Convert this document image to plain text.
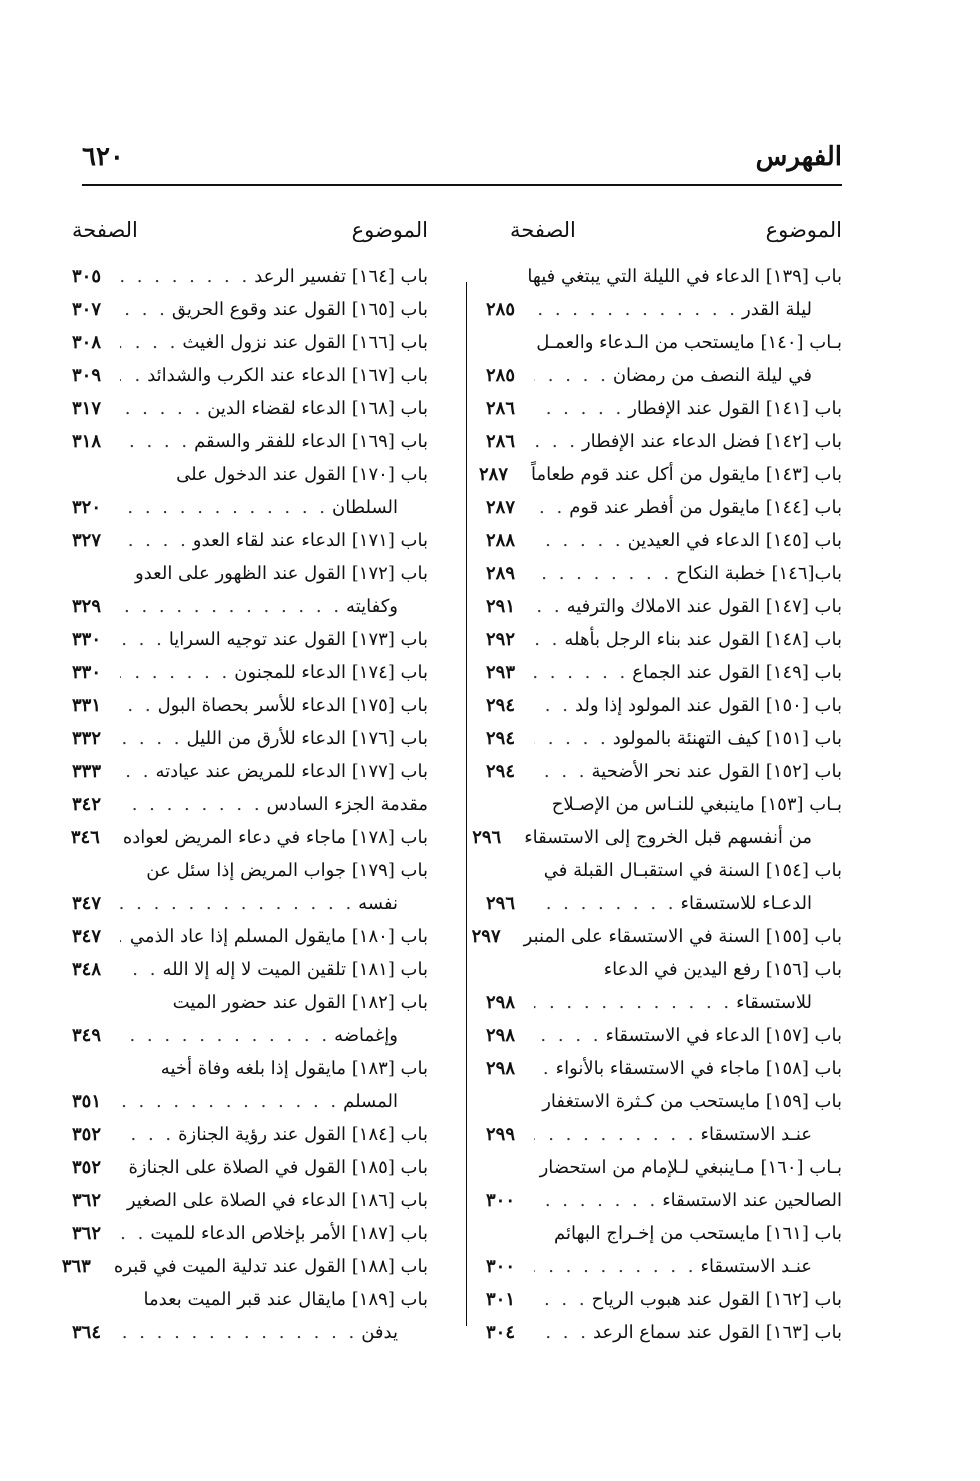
٦٢٠	الفهرس
الموضوع
الصفحة
باب [١٣٩] الدعاء في الليلة التي يبتغي فيها
ليلة القدر
. . .
٢٨٥
بـاب [١٤٠] مايستحب من الـدعاء والعمـل
في ليلة النصف من رمضان
. . .
٢٨٥
باب [١٤١] القول عند الإفطار
. . .
٢٨٦
باب [١٤٢] فضل الدعاء عند الإفطار
. . .
٢٨٦
باب [١٤٣] مايقول من أكل عند قوم طعاماً
٢٨٧
باب [١٤٤] مايقول من أفطر عند قوم
. . .
٢٨٧
باب [١٤٥] الدعاء في العيدين
. . .
٢٨٨
باب[١٤٦] خطبة النكاح
. . .
٢٨٩
باب [١٤٧] القول عند الاملاك والترفيه
. . .
٢٩١
باب [١٤٨] القول عند بناء الرجل بأهله
. . .
٢٩٢
باب [١٤٩] القول عند الجماع
. . .
٢٩٣
باب [١٥٠] القول عند المولود إذا ولد
. . .
٢٩٤
باب [١٥١] كيف التهنئة بالمولود
. . .
٢٩٤
باب [١٥٢] القول عند نحر الأضحية
. . .
٢٩٤
بـاب [١٥٣] ماينبغي للنـاس من الإصـلاح
من أنفسهم قبل الخروج إلى الاستسقاء
٢٩٦
باب [١٥٤] السنة في استقبـال القبلة في
الدعـاء للاستسقاء
. . .
٢٩٦
باب [١٥٥] السنة في الاستسقاء على المنبر
٢٩٧
باب [١٥٦] رفع اليدين في الدعاء
للاستسقاء
. . .
٢٩٨
باب [١٥٧] الدعاء في الاستسقاء
. . .
٢٩٨
باب [١٥٨] ماجاء في الاستسقاء بالأنواء
. . .
٢٩٨
باب [١٥٩] مايستحب من كـثرة الاستغفار
عنـد الاستسقاء
. . .
٢٩٩
بـاب [١٦٠] مـاينبغي لـلإمام من استحضار
الصالحين عند الاستسقاء
. . .
٣٠٠
باب [١٦١] مايستحب من إخـراج البهائم
عنـد الاستسقاء
. . .
٣٠٠
باب [١٦٢] القول عند هبوب الرياح
. . .
٣٠١
باب [١٦٣] القول عند سماع الرعد
. . .
٣٠٤
الموضوع
الصفحة
باب [١٦٤] تفسير الرعد
. . .
٣٠٥
باب [١٦٥] القول عند وقوع الحريق
. . .
٣٠٧
باب [١٦٦] القول عند نزول الغيث
. . .
٣٠٨
باب [١٦٧] الدعاء عند الكرب والشدائد
. . .
٣٠٩
باب [١٦٨] الدعاء لقضاء الدين
. . .
٣١٧
باب [١٦٩] الدعاء للفقر والسقم
. . .
٣١٨
باب [١٧٠] القول عند الدخول على
السلطان
. . .
٣٢٠
باب [١٧١] الدعاء عند لقاء العدو
. . .
٣٢٧
باب [١٧٢] القول عند الظهور على العدو
وكفايته
. . .
٣٢٩
باب [١٧٣] القول عند توجيه السرايا
. . .
٣٣٠
باب [١٧٤] الدعاء للمجنون
. . .
٣٣٠
باب [١٧٥] الدعاء للأسر بحصاة البول
. . .
٣٣١
باب [١٧٦] الدعاء للأرق من الليل
. . .
٣٣٢
باب [١٧٧] الدعاء للمريض عند عيادته
. . .
٣٣٣
مقدمة الجزء السادس
. . .
٣٤٢
باب [١٧٨] ماجاء في دعاء المريض لعواده
٣٤٦
باب [١٧٩] جواب المريض إذا سئل عن
نفسه
. . .
٣٤٧
باب [١٨٠] مايقول المسلم إذا عاد الذمي
. . .
٣٤٧
باب [١٨١] تلقين الميت لا إله إلا الله
. . .
٣٤٨
باب [١٨٢] القول عند حضور الميت
وإغماضه
. . .
٣٤٩
باب [١٨٣] مايقول إذا بلغه وفاة أخيه
المسلم
. . .
٣٥١
باب [١٨٤] القول عند رؤية الجنازة
. . .
٣٥٢
باب [١٨٥] القول في الصلاة على الجنازة
. . .
٣٥٢
باب [١٨٦] الدعاء في الصلاة على الصغير
. . .
٣٦٢
باب [١٨٧] الأمر بإخلاص الدعاء للميت
. . .
٣٦٢
باب [١٨٨] القول عند تدلية الميت في قبره
٣٦٣
باب [١٨٩] مايقال عند قبر الميت بعدما
يدفن
. . .
٣٦٤
